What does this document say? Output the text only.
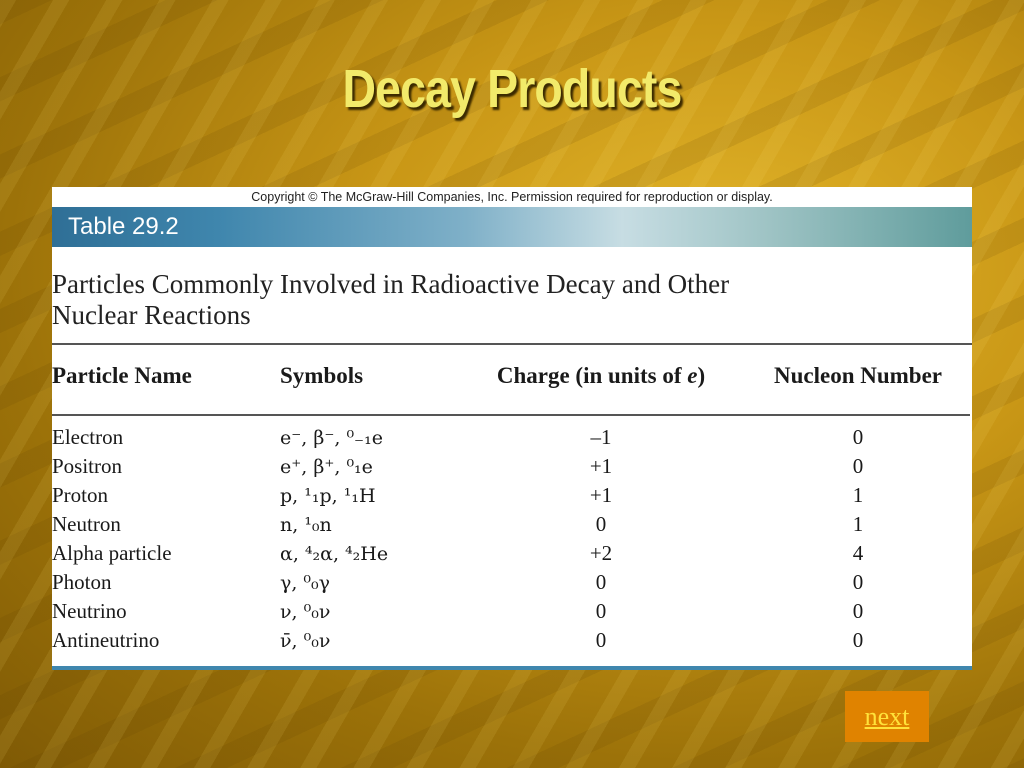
Decay Products
Copyright © The McGraw-Hill Companies, Inc. Permission required for reproduction or display.
Table 29.2
Particles Commonly Involved in Radioactive Decay and Other
Nuclear Reactions
Particle Name	Symbols	Charge (in units of e)	Nucleon Number

Electron	e⁻, β⁻, ⁰₋₁e	–1	0
Positron	e⁺, β⁺, ⁰₁e	+1	0
Proton	p, ¹₁p, ¹₁H	+1	1
Neutron	n, ¹₀n	0	1
Alpha particle	α, ⁴₂α, ⁴₂He	+2	4
Photon	γ, ⁰₀γ	0	0
Neutrino	ν, ⁰₀ν	0	0
Antineutrino	ν̄, ⁰₀ν	0	0
next
